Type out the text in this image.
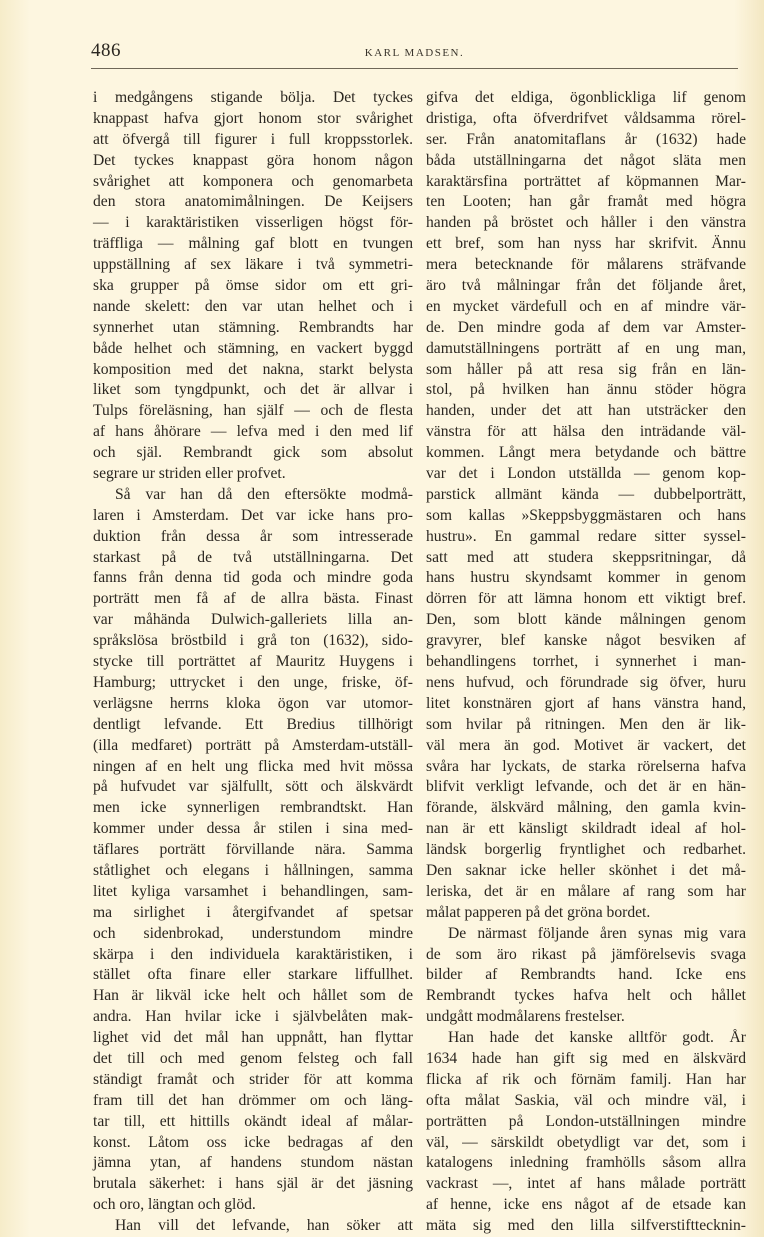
486	KARL MADSEN.
i medgångens stigande bölja. Det tyckes
knappast hafva gjort honom stor svårighet
att öfvergå till figurer i full kroppsstorlek.
Det tyckes knappast göra honom någon
svårighet att komponera och genomarbeta
den stora anatomimålningen. De Keijsers
— i karaktäristiken visserligen högst för-
träffliga — målning gaf blott en tvungen
uppställning af sex läkare i två symmetri-
ska grupper på ömse sidor om ett gri-
nande skelett: den var utan helhet och i
synnerhet utan stämning. Rembrandts har
både helhet och stämning, en vackert byggd
komposition med det nakna, starkt belysta
liket som tyngdpunkt, och det är allvar i
Tulps föreläsning, han själf — och de flesta
af hans åhörare — lefva med i den med lif
och själ. Rembrandt gick som absolut
segrare ur striden eller profvet.
Så var han då den eftersökte modmå-
laren i Amsterdam. Det var icke hans pro-
duktion från dessa år som intresserade
starkast på de två utställningarna. Det
fanns från denna tid goda och mindre goda
porträtt men få af de allra bästa. Finast
var måhända Dulwich-galleriets lilla an-
språkslösa bröstbild i grå ton (1632), sido-
stycke till porträttet af Mauritz Huygens i
Hamburg; uttrycket i den unge, friske, öf-
verlägsne herrns kloka ögon var utomor-
dentligt lefvande. Ett Bredius tillhörigt
(illa medfaret) porträtt på Amsterdam-utställ-
ningen af en helt ung flicka med hvit mössa
på hufvudet var själfullt, sött och älskvärdt
men icke synnerligen rembrandtskt. Han
kommer under dessa år stilen i sina med-
täflares porträtt förvillande nära. Samma
ståtlighet och elegans i hållningen, samma
litet kyliga varsamhet i behandlingen, sam-
ma sirlighet i återgifvandet af spetsar
och sidenbrokad, understundom mindre
skärpa i den individuela karaktäristiken, i
stället ofta finare eller starkare liffullhet.
Han är likväl icke helt och hållet som de
andra. Han hvilar icke i självbelåten mak-
lighet vid det mål han uppnått, han flyttar
det till och med genom felsteg och fall
ständigt framåt och strider för att komma
fram till det han drömmer om och läng-
tar till, ett hittills okändt ideal af målar-
konst. Låtom oss icke bedragas af den
jämna ytan, af handens stundom nästan
brutala säkerhet: i hans själ är det jäsning
och oro, längtan och glöd.
Han vill det lefvande, han söker att
gifva det eldiga, ögonblickliga lif genom
dristiga, ofta öfverdrifvet våldsamma rörel-
ser. Från anatomitaflans år (1632) hade
båda utställningarna det något släta men
karaktärsfina porträttet af köpmannen Mar-
ten Looten; han går framåt med högra
handen på bröstet och håller i den vänstra
ett bref, som han nyss har skrifvit. Ännu
mera betecknande för målarens sträfvande
äro två målningar från det följande året,
en mycket värdefull och en af mindre vär-
de. Den mindre goda af dem var Amster-
damutställningens porträtt af en ung man,
som håller på att resa sig från en län-
stol, på hvilken han ännu stöder högra
handen, under det att han utsträcker den
vänstra för att hälsa den inträdande väl-
kommen. Långt mera betydande och bättre
var det i London utställda — genom kop-
parstick allmänt kända — dubbelporträtt,
som kallas »Skeppsbyggmästaren och hans
hustru». En gammal redare sitter syssel-
satt med att studera skeppsritningar, då
hans hustru skyndsamt kommer in genom
dörren för att lämna honom ett viktigt bref.
Den, som blott kände målningen genom
gravyrer, blef kanske något besviken af
behandlingens torrhet, i synnerhet i man-
nens hufvud, och förundrade sig öfver, huru
litet konstnären gjort af hans vänstra hand,
som hvilar på ritningen. Men den är lik-
väl mera än god. Motivet är vackert, det
svåra har lyckats, de starka rörelserna hafva
blifvit verkligt lefvande, och det är en hän-
förande, älskvärd målning, den gamla kvin-
nan är ett känsligt skildradt ideal af hol-
ländsk borgerlig fryntlighet och redbarhet.
Den saknar icke heller skönhet i det må-
leriska, det är en målare af rang som har
målat papperen på det gröna bordet.
De närmast följande åren synas mig vara
de som äro rikast på jämförelsevis svaga
bilder af Rembrandts hand. Icke ens
Rembrandt tyckes hafva helt och hållet
undgått modmålarens frestelser.
Han hade det kanske alltför godt. År
1634 hade han gift sig med en älskvärd
flicka af rik och förnäm familj. Han har
ofta målat Saskia, väl och mindre väl, i
porträtten på London-utställningen mindre
väl, — särskildt obetydligt var det, som i
katalogens inledning framhölls såsom allra
vackrast —, intet af hans målade porträtt
af henne, icke ens något af de etsade kan
mäta sig med den lilla silfverstifttecknin-
